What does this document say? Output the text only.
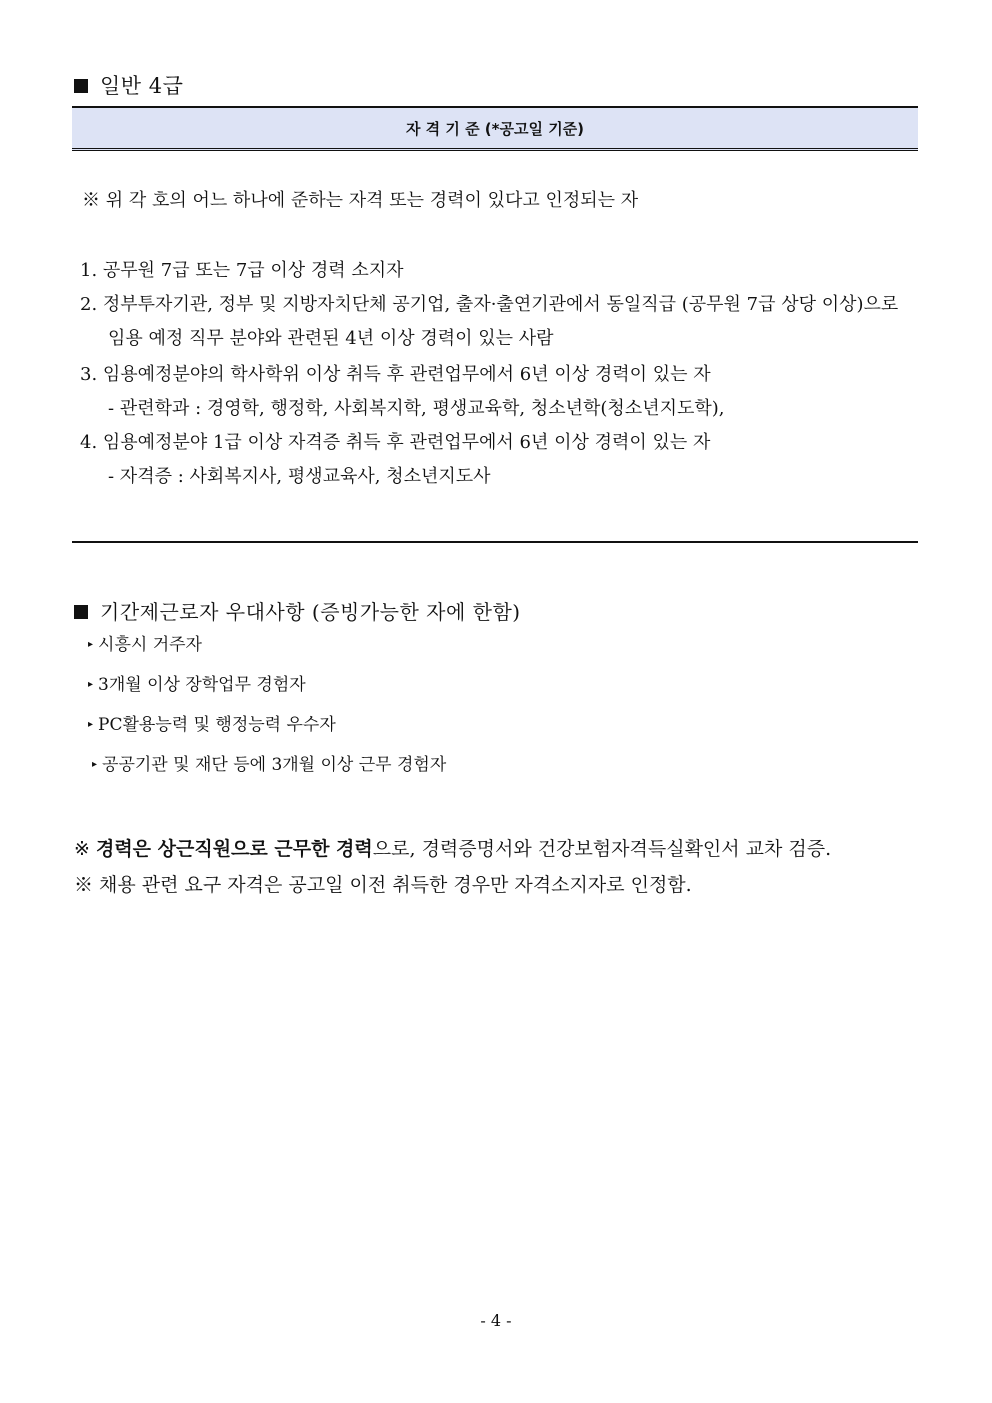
일반 4급
자 격 기 준 (*공고일 기준)
※ 위 각 호의 어느 하나에 준하는 자격 또는 경력이 있다고 인정되는 자
1. 공무원 7급 또는 7급 이상 경력 소지자
2. 정부투자기관, 정부 및 지방자치단체 공기업, 출자·출연기관에서 동일직급 (공무원 7급 상당 이상)으로
임용 예정 직무 분야와 관련된 4년 이상 경력이 있는 사람
3. 임용예정분야의 학사학위 이상 취득 후 관련업무에서 6년 이상 경력이 있는 자
- 관련학과 : 경영학, 행정학, 사회복지학, 평생교육학, 청소년학(청소년지도학),
4. 임용예정분야 1급 이상 자격증 취득 후 관련업무에서 6년 이상 경력이 있는 자
- 자격증 : 사회복지사, 평생교육사, 청소년지도사
기간제근로자 우대사항 (증빙가능한 자에 한함)
▸ 시흥시 거주자
▸ 3개월 이상 장학업무 경험자
▸ PC활용능력 및 행정능력 우수자
▸ 공공기관 및 재단 등에 3개월 이상 근무 경험자
※ 경력은 상근직원으로 근무한 경력으로, 경력증명서와 건강보험자격득실확인서 교차 검증.
※ 채용 관련 요구 자격은 공고일 이전 취득한 경우만 자격소지자로 인정함.
- 4 -
